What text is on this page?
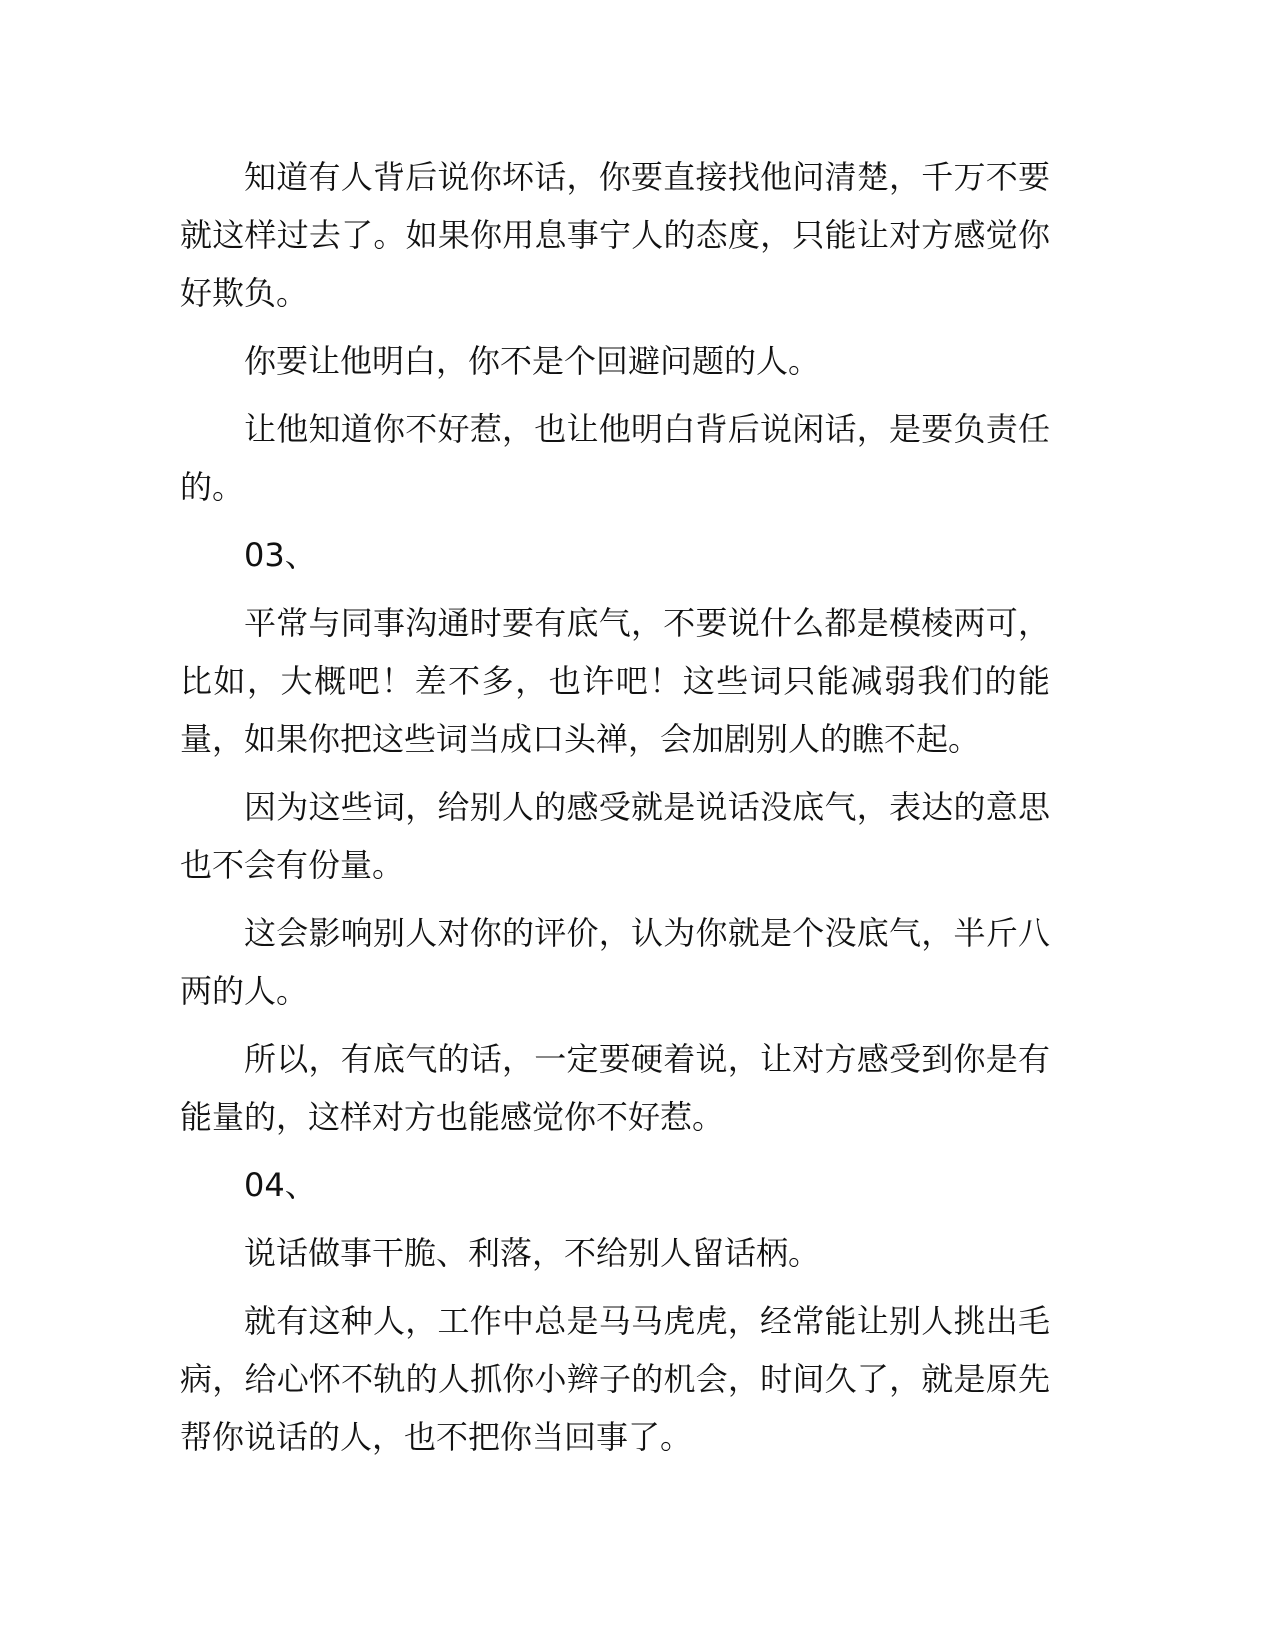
知道有人背后说你坏话，你要直接找他问清楚，千万不要就这样过去了。如果你用息事宁人的态度，只能让对方感觉你好欺负。

你要让他明白，你不是个回避问题的人。

让他知道你不好惹，也让他明白背后说闲话，是要负责任的。

03、

平常与同事沟通时要有底气，不要说什么都是模棱两可，比如，大概吧！差不多，也许吧！这些词只能减弱我们的能量，如果你把这些词当成口头禅，会加剧别人的瞧不起。

因为这些词，给别人的感受就是说话没底气，表达的意思也不会有份量。

这会影响别人对你的评价，认为你就是个没底气，半斤八两的人。

所以，有底气的话，一定要硬着说，让对方感受到你是有能量的，这样对方也能感觉你不好惹。

04、

说话做事干脆、利落，不给别人留话柄。

就有这种人，工作中总是马马虎虎，经常能让别人挑出毛病，给心怀不轨的人抓你小辫子的机会，时间久了，就是原先帮你说话的人，也不把你当回事了。
